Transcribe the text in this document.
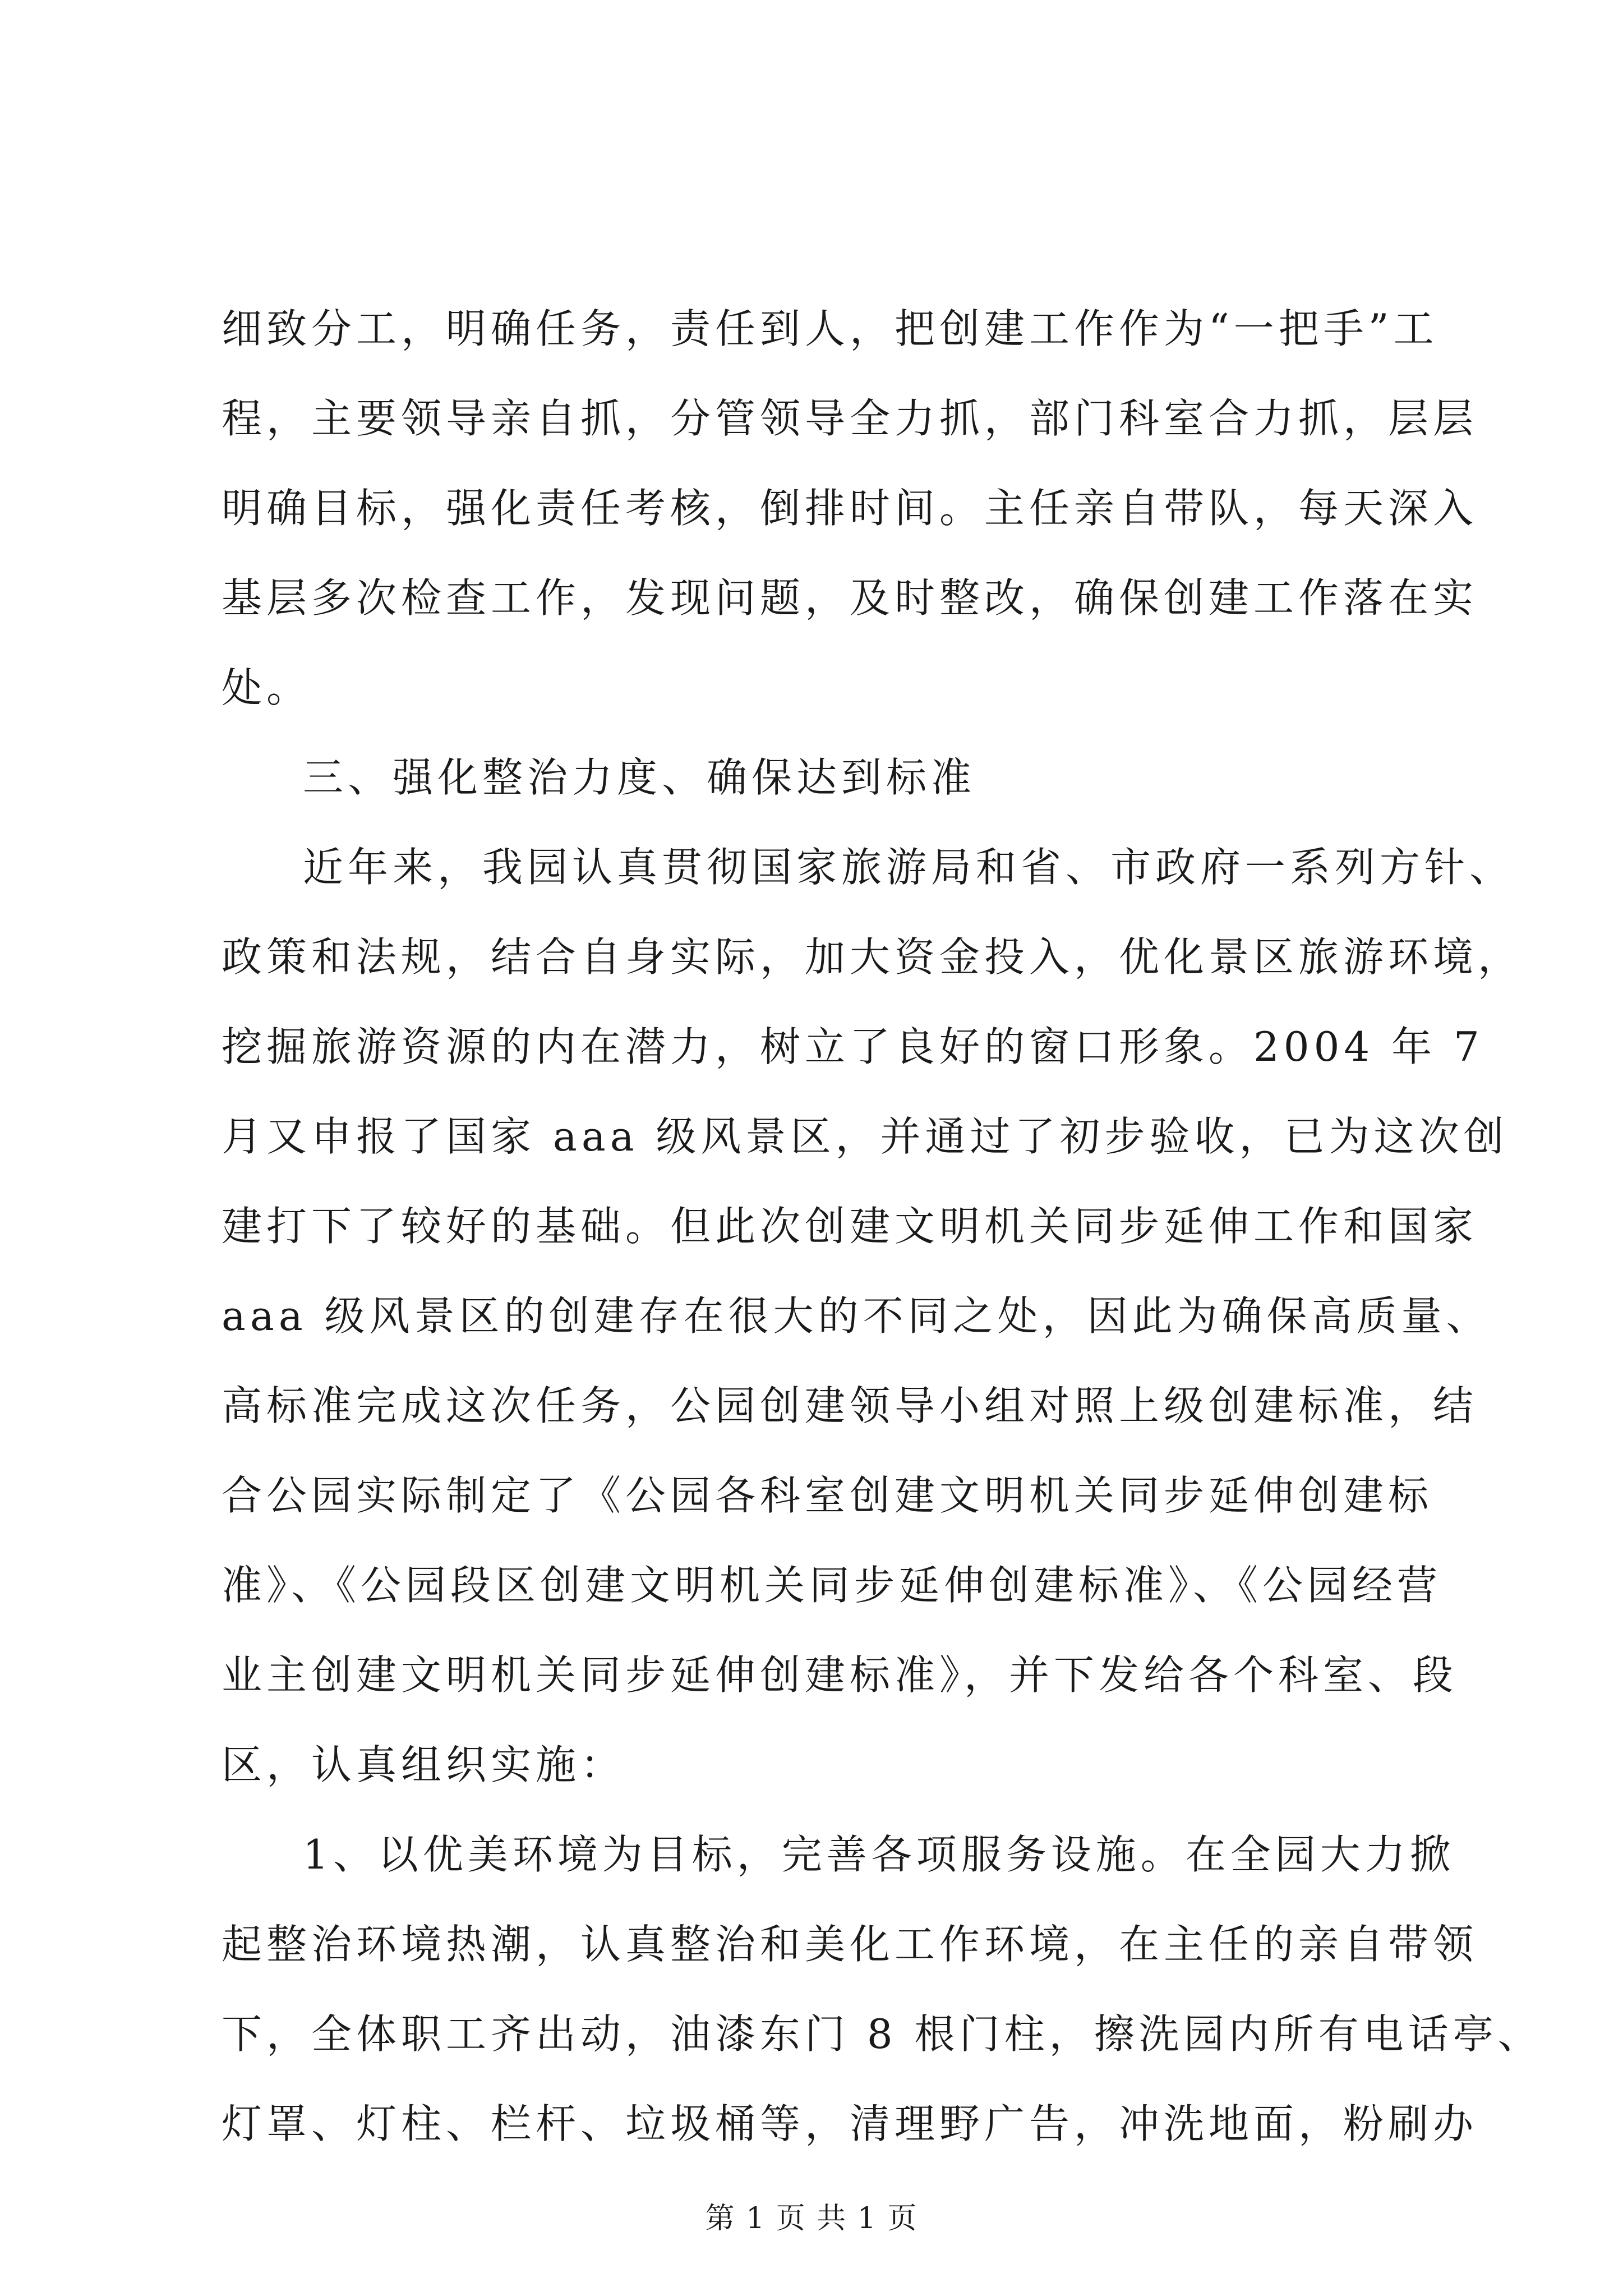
细致分工，明确任务，责任到人，把创建工作作为“一把手”工

程，主要领导亲自抓，分管领导全力抓，部门科室合力抓，层层

明确目标，强化责任考核，倒排时间。主任亲自带队，每天深入

基层多次检查工作，发现问题，及时整改，确保创建工作落在实

处。

三、强化整治力度、确保达到标准

近年来，我园认真贯彻国家旅游局和省、市政府一系列方针、

政策和法规，结合自身实际，加大资金投入，优化景区旅游环境，

挖掘旅游资源的内在潜力，树立了良好的窗口形象。2004 年 7

月又申报了国家 aaa 级风景区，并通过了初步验收，已为这次创

建打下了较好的基础。但此次创建文明机关同步延伸工作和国家

aaa 级风景区的创建存在很大的不同之处，因此为确保高质量、

高标准完成这次任务，公园创建领导小组对照上级创建标准，结

合公园实际制定了《公园各科室创建文明机关同步延伸创建标

准》、《公园段区创建文明机关同步延伸创建标准》、《公园经营

业主创建文明机关同步延伸创建标准》，并下发给各个科室、段

区，认真组织实施：

1、以优美环境为目标，完善各项服务设施。在全园大力掀

起整治环境热潮，认真整治和美化工作环境，在主任的亲自带领

下，全体职工齐出动，油漆东门 8 根门柱，擦洗园内所有电话亭、

灯罩、灯柱、栏杆、垃圾桶等，清理野广告，冲洗地面，粉刷办

第 1 页 共 1 页
